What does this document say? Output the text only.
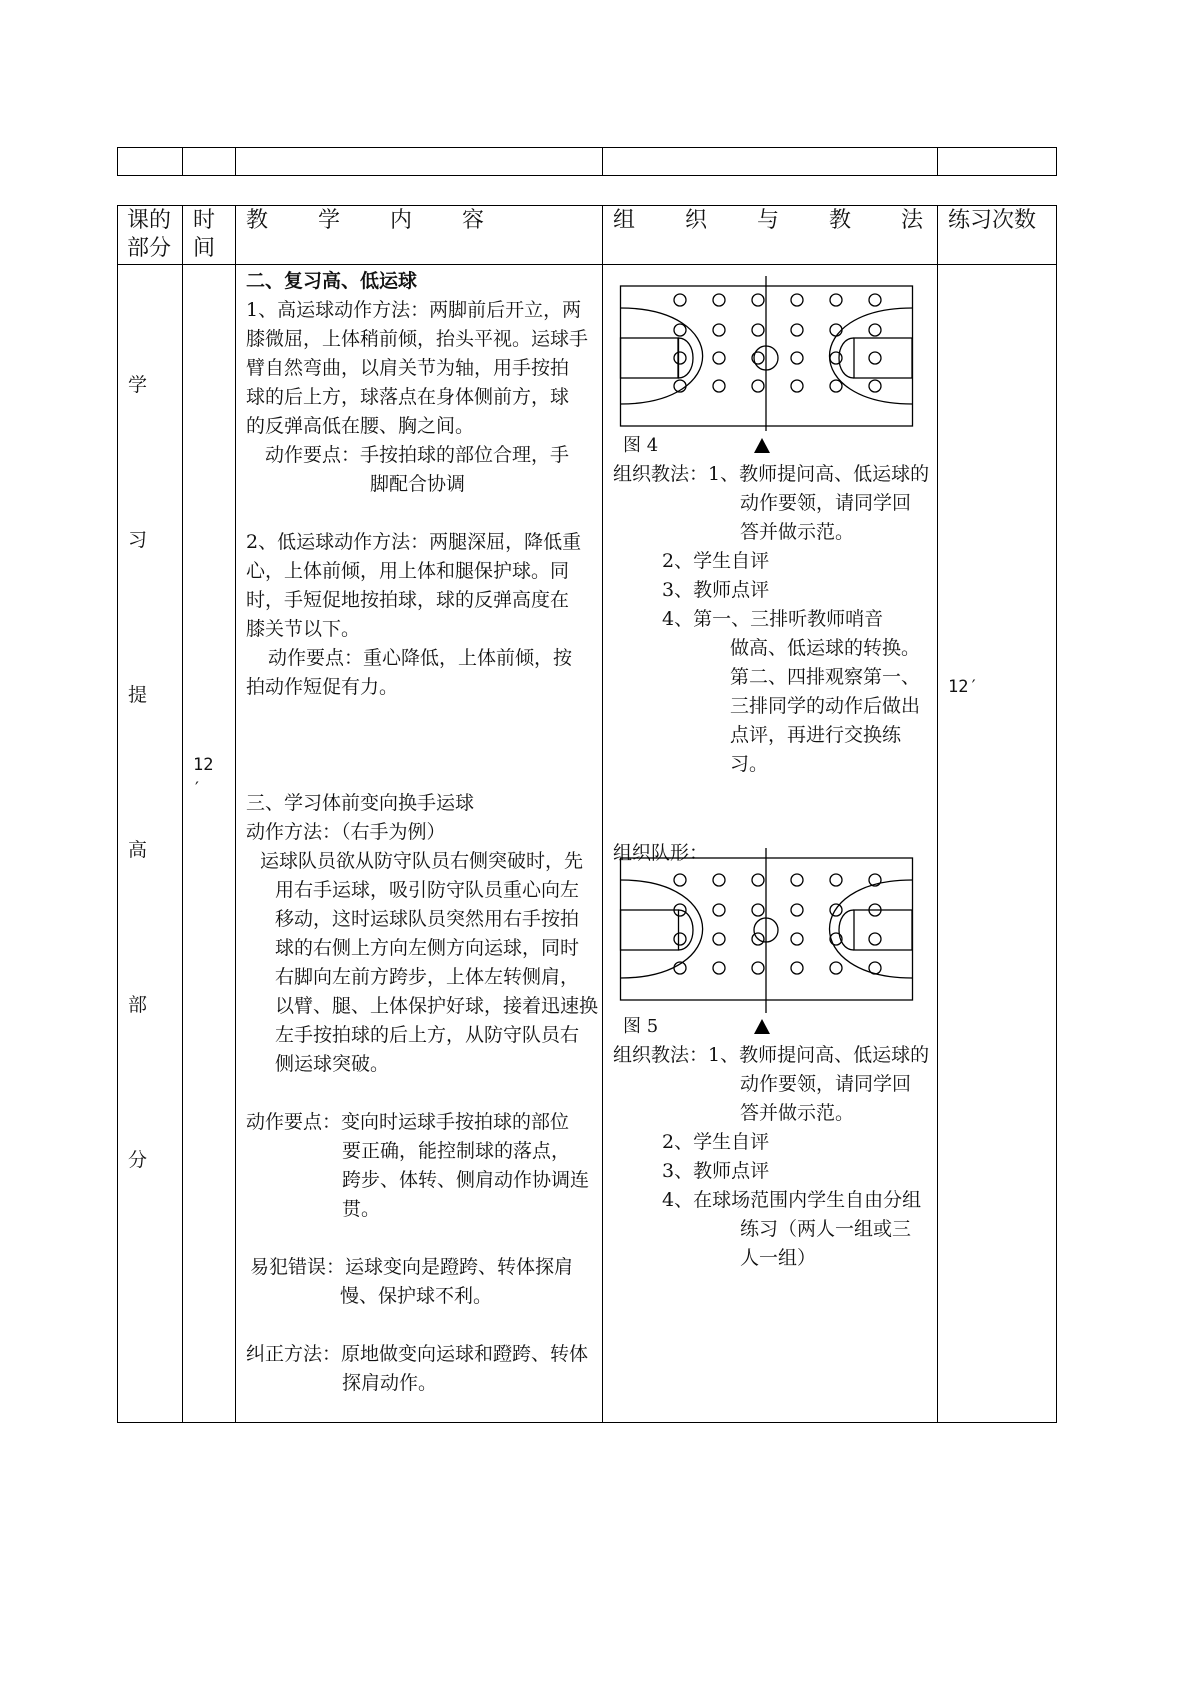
课的
部分
时
间
教　学　内　容	组　织　与　教　法 练习次数
学
习
提
高
部
分
12
′
12′
二、复习高、低运球
1、高运球动作方法：两脚前后开立，两
膝微屈，上体稍前倾，抬头平视。运球手
臂自然弯曲，以肩关节为轴，用手按拍
球的后上方，球落点在身体侧前方，球
的反弹高低在腰、胸之间。
动作要点：手按拍球的部位合理，手
脚配合协调
2、低运球动作方法：两腿深屈，降低重
心，上体前倾，用上体和腿保护球。同
时，手短促地按拍球，球的反弹高度在
膝关节以下。
动作要点：重心降低，上体前倾，按
拍动作短促有力。
三、学习体前变向换手运球
动作方法：（右手为例）
运球队员欲从防守队员右侧突破时，先
用右手运球，吸引防守队员重心向左
移动，这时运球队员突然用右手按拍
球的右侧上方向左侧方向运球，同时
右脚向左前方跨步，上体左转侧肩，
以臂、腿、上体保护好球，接着迅速换
左手按拍球的后上方，从防守队员右
侧运球突破。
动作要点：变向时运球手按拍球的部位
要正确，能控制球的落点，
跨步、体转、侧肩动作协调连
贯。
易犯错误：运球变向是蹬跨、转体探肩
慢、保护球不利。
纠正方法：原地做变向运球和蹬跨、转体
探肩动作。
图 4
组织教法：1、教师提问高、低运球的
动作要领，请同学回
答并做示范。
2、学生自评
3、教师点评
4、第一、三排听教师哨音
做高、低运球的转换。
第二、四排观察第一、
三排同学的动作后做出
点评，再进行交换练
习。
组织队形：
图 5
组织教法：1、教师提问高、低运球的
动作要领，请同学回
答并做示范。
2、学生自评
3、教师点评
4、在球场范围内学生自由分组
练习（两人一组或三
人一组）
